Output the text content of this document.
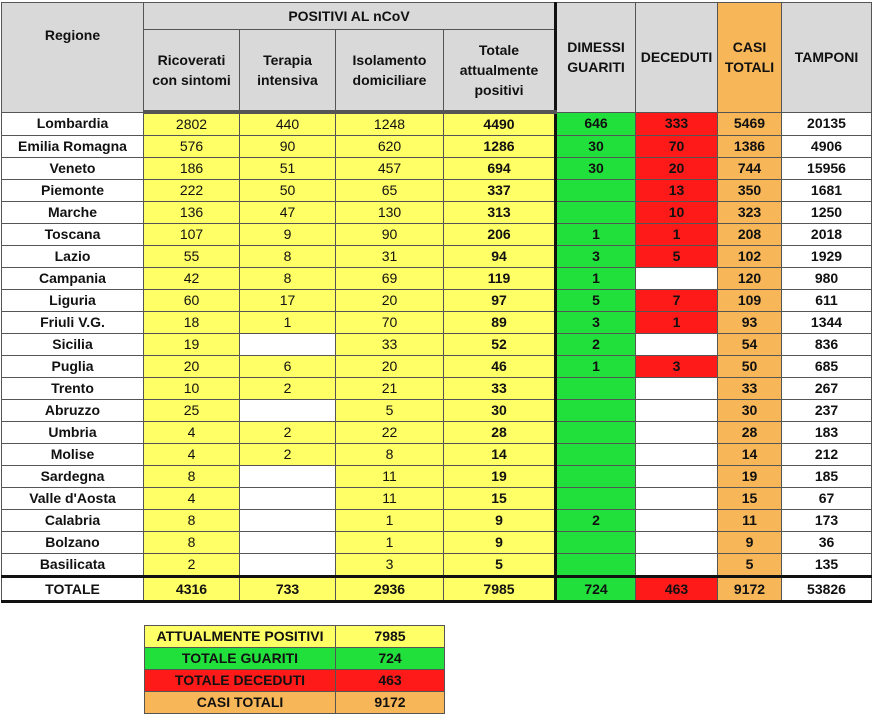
Regione	POSITIVI AL nCoV				DIMESSI GUARITI	DECEDUTI	CASI TOTALI	TAMPONI
	Ricoverati con sintomi	Terapia intensiva	Isolamento domiciliare	Totale attualmente positivi				
Lombardia	2802	440	1248	4490	646	333	5469	20135
Emilia Romagna	576	90	620	1286	30	70	1386	4906
Veneto	186	51	457	694	30	20	744	15956
Piemonte	222	50	65	337		13	350	1681
Marche	136	47	130	313		10	323	1250
Toscana	107	9	90	206	1	1	208	2018
Lazio	55	8	31	94	3	5	102	1929
Campania	42	8	69	119	1		120	980
Liguria	60	17	20	97	5	7	109	611
Friuli V.G.	18	1	70	89	3	1	93	1344
Sicilia	19		33	52	2		54	836
Puglia	20	6	20	46	1	3	50	685
Trento	10	2	21	33			33	267
Abruzzo	25		5	30			30	237
Umbria	4	2	22	28			28	183
Molise	4	2	8	14			14	212
Sardegna	8		11	19			19	185
Valle d'Aosta	4		11	15			15	67
Calabria	8		1	9	2		11	173
Bolzano	8		1	9			9	36
Basilicata	2		3	5			5	135
TOTALE	4316	733	2936	7985	724	463	9172	53826
ATTUALMENTE POSITIVI	7985
TOTALE GUARITI	724
TOTALE DECEDUTI	463
CASI TOTALI	9172
